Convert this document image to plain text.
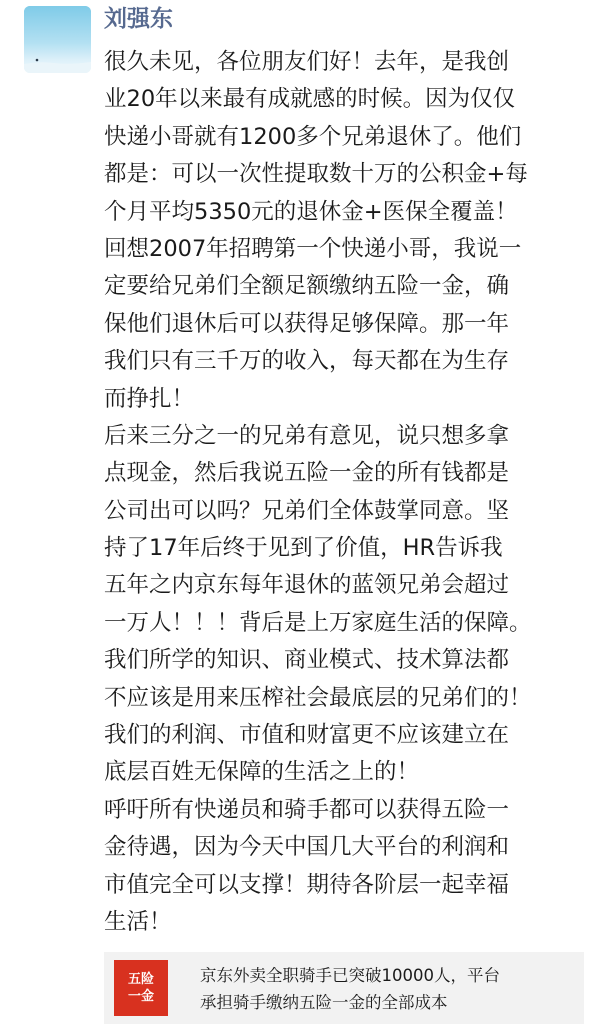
刘强东
很久未见，各位朋友们好！去年，是我创
业20年以来最有成就感的时候。因为仅仅
快递小哥就有1200多个兄弟退休了。他们
都是：可以一次性提取数十万的公积金+每
个月平均5350元的退休金+医保全覆盖！
回想2007年招聘第一个快递小哥，我说一
定要给兄弟们全额足额缴纳五险一金，确
保他们退休后可以获得足够保障。那一年
我们只有三千万的收入，每天都在为生存
而挣扎！
后来三分之一的兄弟有意见，说只想多拿
点现金，然后我说五险一金的所有钱都是
公司出可以吗？兄弟们全体鼓掌同意。坚
持了17年后终于见到了价值，HR告诉我
五年之内京东每年退休的蓝领兄弟会超过
一万人！！！背后是上万家庭生活的保障。
我们所学的知识、商业模式、技术算法都
不应该是用来压榨社会最底层的兄弟们的！
我们的利润、市值和财富更不应该建立在
底层百姓无保障的生活之上的！
呼吁所有快递员和骑手都可以获得五险一
金待遇，因为今天中国几大平台的利润和
市值完全可以支撑！期待各阶层一起幸福
生活！
五险
一金
京东外卖全职骑手已突破10000人，平台
承担骑手缴纳五险一金的全部成本
